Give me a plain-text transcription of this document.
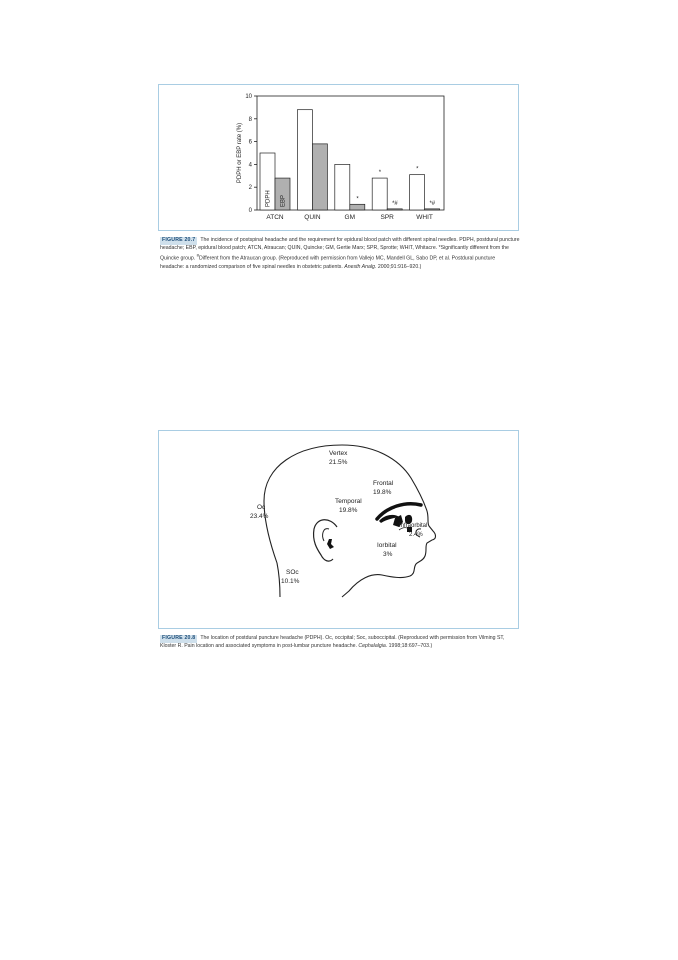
0
2
4
6
8
10
PDPH or EBP rate (%)
PDPH EBP
ATCN	QUIN	GM	SPR	WHIT
*
*
*#
*
*#
FIGURE 20.7 The incidence of postspinal headache and the requirement for epidural blood patch with different spinal needles. PDPH, postdural puncture headache; EBP, epidural blood patch; ATCN, Atraucan; QUIN, Quincke; GM, Gertie Marx; SPR, Sprotte; WHIT, Whitacre. *Significantly different from the Quincke group. #Different from the Atraucan group. (Reproduced with permission from Vallejo MC, Mandell GL, Sabo DP, et al. Postdural puncture headache: a randomized comparison of five spinal needles in obstetric patients. Anesth Analg. 2000;91:916–920.)
Vertex
21.5%
Frontal
19.8%
Temporal
19.8%
Oc
23.4%
Infraorbital
2.4%
Iorbital
3%
SOc
10.1%
FIGURE 20.8 The location of postdural puncture headache (PDPH). Oc, occipital; Soc, suboccipital. (Reproduced with permission from Vilming ST, Kloster R. Pain location and associated symptoms in post-lumbar puncture headache. Cephalalgia. 1998;18:697–703.)
